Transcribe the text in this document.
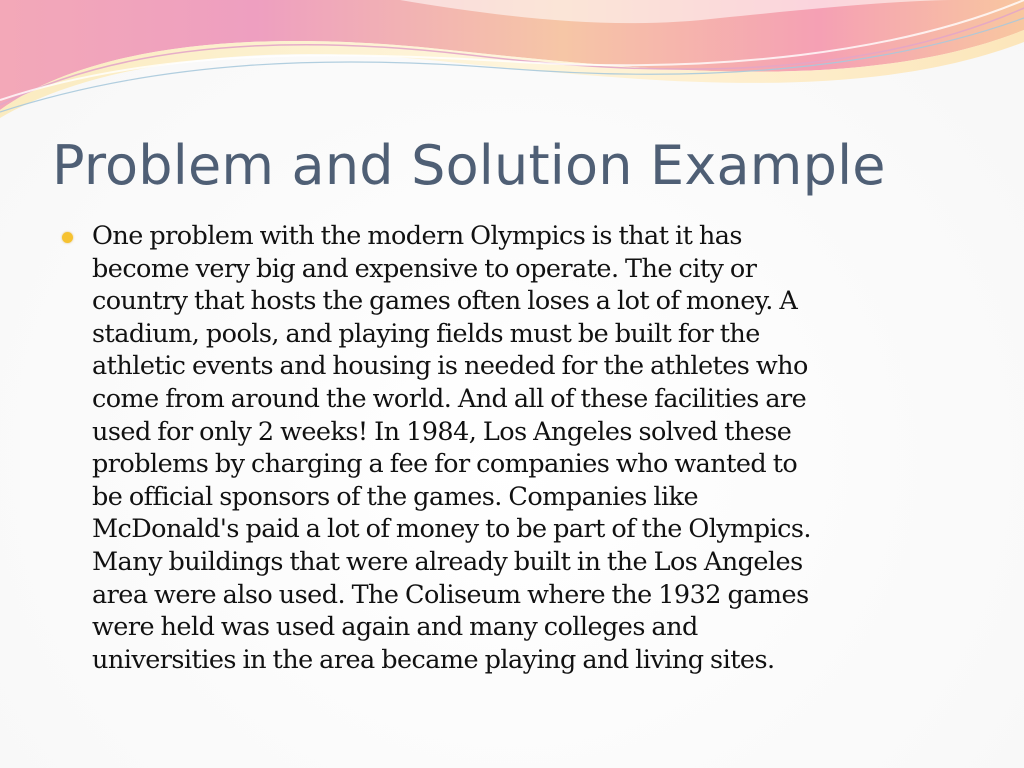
Problem and Solution Example

One problem with the modern Olympics is that it has
become very big and expensive to operate. The city or
country that hosts the games often loses a lot of money. A
stadium, pools, and playing fields must be built for the
athletic events and housing is needed for the athletes who
come from around the world. And all of these facilities are
used for only 2 weeks! In 1984, Los Angeles solved these
problems by charging a fee for companies who wanted to
be official sponsors of the games. Companies like
McDonald's paid a lot of money to be part of the Olympics.
Many buildings that were already built in the Los Angeles
area were also used. The Coliseum where the 1932 games
were held was used again and many colleges and
universities in the area became playing and living sites.
